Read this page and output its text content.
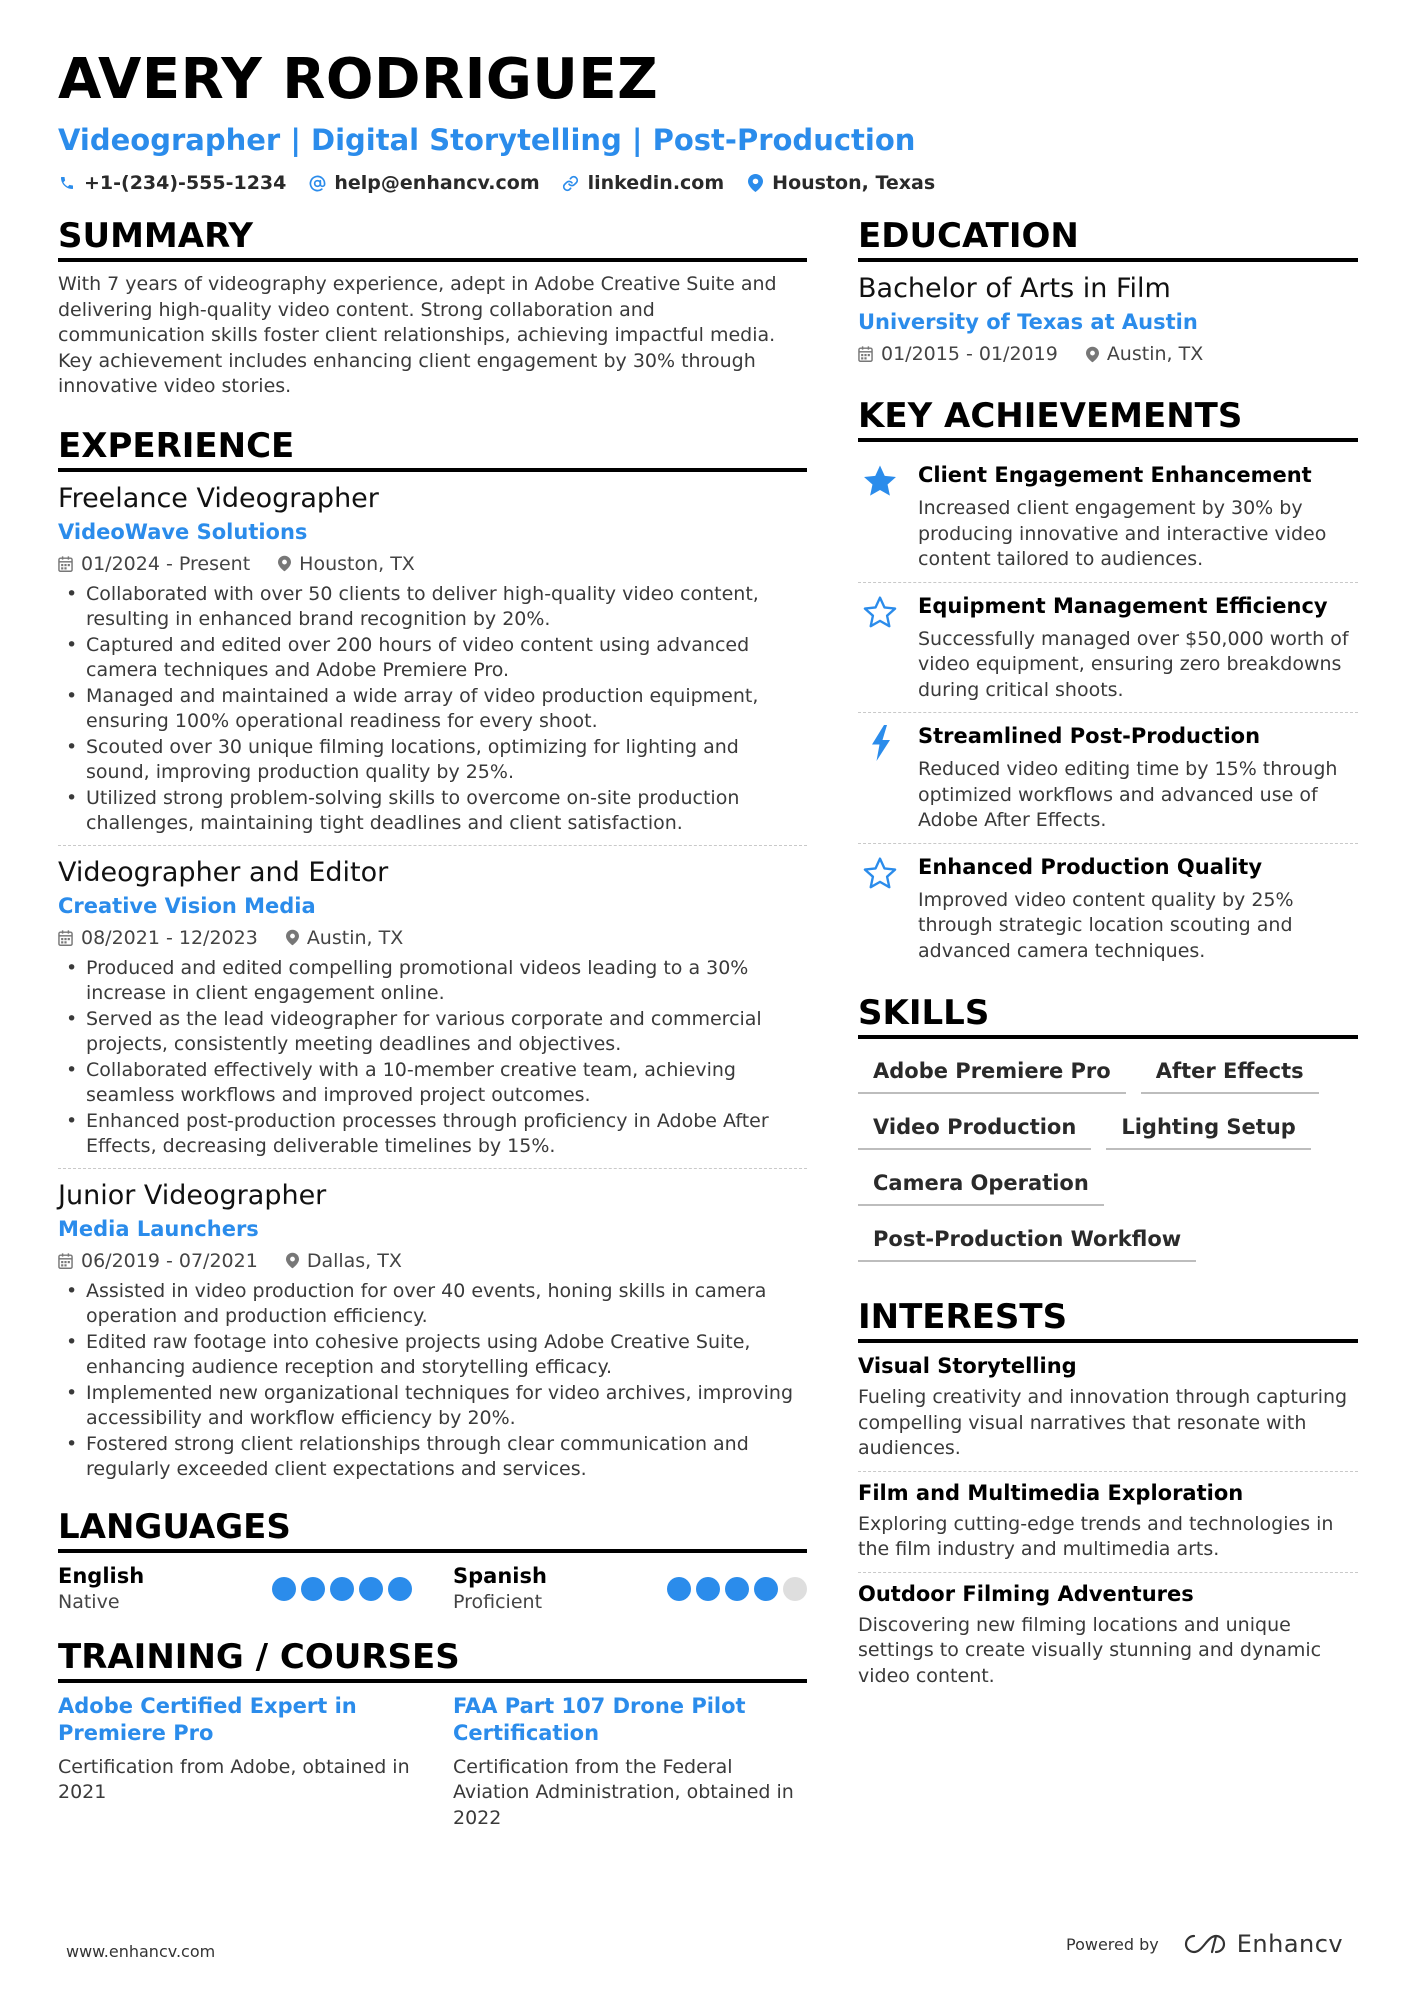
AVERY RODRIGUEZ
Videographer | Digital Storytelling | Post-Production
+1-(234)-555-1234	help@enhancv.com	linkedin.com	Houston, Texas
SUMMARY
With 7 years of videography experience, adept in Adobe Creative Suite and delivering high-quality video content. Strong collaboration and communication skills foster client relationships, achieving impactful media. Key achievement includes enhancing client engagement by 30% through innovative video stories.
EXPERIENCE
Freelance Videographer
VideoWave Solutions
01/2024 - Present	Houston, TX
• Collaborated with over 50 clients to deliver high-quality video content, resulting in enhanced brand recognition by 20%.
• Captured and edited over 200 hours of video content using advanced camera techniques and Adobe Premiere Pro.
• Managed and maintained a wide array of video production equipment, ensuring 100% operational readiness for every shoot.
• Scouted over 30 unique filming locations, optimizing for lighting and sound, improving production quality by 25%.
• Utilized strong problem-solving skills to overcome on-site production challenges, maintaining tight deadlines and client satisfaction.
Videographer and Editor
Creative Vision Media
08/2021 - 12/2023	Austin, TX
• Produced and edited compelling promotional videos leading to a 30% increase in client engagement online.
• Served as the lead videographer for various corporate and commercial projects, consistently meeting deadlines and objectives.
• Collaborated effectively with a 10-member creative team, achieving seamless workflows and improved project outcomes.
• Enhanced post-production processes through proficiency in Adobe After Effects, decreasing deliverable timelines by 15%.
Junior Videographer
Media Launchers
06/2019 - 07/2021	Dallas, TX
• Assisted in video production for over 40 events, honing skills in camera operation and production efficiency.
• Edited raw footage into cohesive projects using Adobe Creative Suite, enhancing audience reception and storytelling efficacy.
• Implemented new organizational techniques for video archives, improving accessibility and workflow efficiency by 20%.
• Fostered strong client relationships through clear communication and regularly exceeded client expectations and services.
LANGUAGES
English
Native
Spanish
Proficient
TRAINING / COURSES
Adobe Certified Expert in Premiere Pro
Certification from Adobe, obtained in 2021
FAA Part 107 Drone Pilot Certification
Certification from the Federal Aviation Administration, obtained in 2022
EDUCATION
Bachelor of Arts in Film
University of Texas at Austin
01/2015 - 01/2019	Austin, TX
KEY ACHIEVEMENTS
Client Engagement Enhancement
Increased client engagement by 30% by producing innovative and interactive video content tailored to audiences.
Equipment Management Efficiency
Successfully managed over $50,000 worth of video equipment, ensuring zero breakdowns during critical shoots.
Streamlined Post-Production
Reduced video editing time by 15% through optimized workflows and advanced use of Adobe After Effects.
Enhanced Production Quality
Improved video content quality by 25% through strategic location scouting and advanced camera techniques.
SKILLS
Adobe Premiere Pro	After Effects
Video Production	Lighting Setup
Camera Operation
Post-Production Workflow
INTERESTS
Visual Storytelling
Fueling creativity and innovation through capturing compelling visual narratives that resonate with audiences.
Film and Multimedia Exploration
Exploring cutting-edge trends and technologies in the film industry and multimedia arts.
Outdoor Filming Adventures
Discovering new filming locations and unique settings to create visually stunning and dynamic video content.
www.enhancv.com	Powered by	Enhancv
